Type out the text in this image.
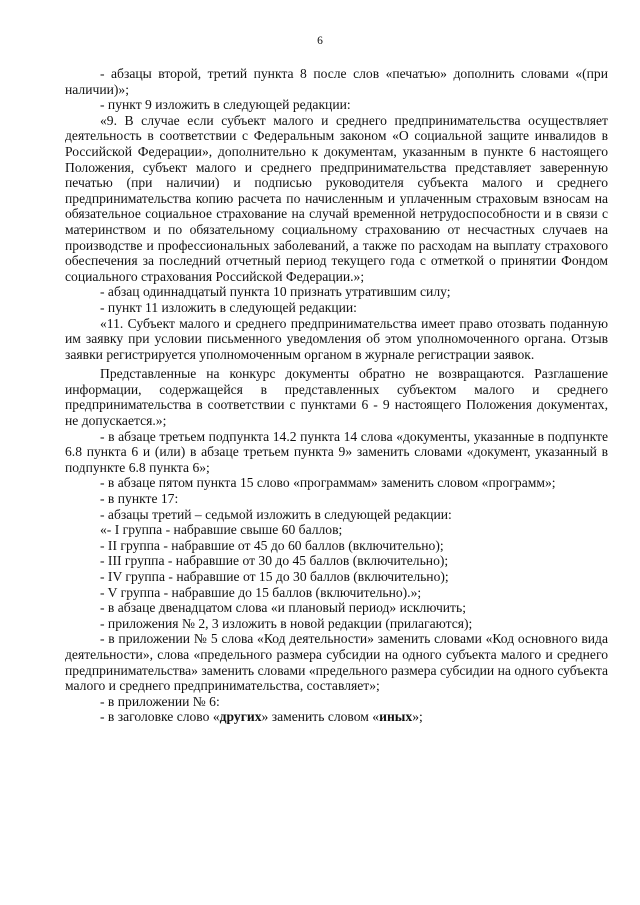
6

- абзацы второй, третий пункта 8 после слов «печатью» дополнить словами «(при наличии)»;

- пункт 9 изложить в следующей редакции:

«9. В случае если субъект малого и среднего предпринимательства осуществляет деятельность в соответствии с Федеральным законом «О социальной защите инвалидов в Российской Федерации», дополнительно к документам, указанным в пункте 6 настоящего Положения, субъект малого и среднего предпринимательства представляет заверенную печатью (при наличии) и подписью руководителя субъекта малого и среднего предпринимательства копию расчета по начисленным и уплаченным страховым взносам на обязательное социальное страхование на случай временной нетрудоспособности и в связи с материнством и по обязательному социальному страхованию от несчастных случаев на производстве и профессиональных заболеваний, а также по расходам на выплату страхового обеспечения за последний отчетный период текущего года с отметкой о принятии Фондом социального страхования Российской Федерации.»;

- абзац одиннадцатый пункта 10 признать утратившим силу;

- пункт 11 изложить в следующей редакции:

«11. Субъект малого и среднего предпринимательства имеет право отозвать поданную им заявку при условии письменного уведомления об этом уполномоченного органа. Отзыв заявки регистрируется уполномоченным органом в журнале регистрации заявок.

Представленные на конкурс документы обратно не возвращаются. Разглашение информации, содержащейся в представленных субъектом малого и среднего предпринимательства в соответствии с пунктами 6 - 9 настоящего Положения документах, не допускается.»;

- в абзаце третьем подпункта 14.2 пункта 14 слова «документы, указанные в подпункте 6.8 пункта 6 и (или) в абзаце третьем пункта 9» заменить словами «документ, указанный в подпункте 6.8 пункта 6»;

- в абзаце пятом пункта 15 слово «программам» заменить словом «программ»;

- в пункте 17:

- абзацы третий – седьмой изложить в следующей редакции:

«- I группа - набравшие свыше 60 баллов;

- II группа - набравшие от 45 до 60 баллов (включительно);

- III группа - набравшие от 30 до 45 баллов (включительно);

- IV группа - набравшие от 15 до 30 баллов (включительно);

- V группа - набравшие до 15 баллов (включительно).»;

- в абзаце двенадцатом слова «и плановый период» исключить;

- приложения № 2, 3 изложить в новой редакции (прилагаются);

- в приложении № 5 слова «Код деятельности» заменить словами «Код основного вида деятельности», слова «предельного размера субсидии на одного субъекта малого и среднего предпринимательства» заменить словами «предельного размера субсидии на одного субъекта малого и среднего предпринимательства, составляет»;

- в приложении № 6:

- в заголовке слово «других» заменить словом «иных»;
